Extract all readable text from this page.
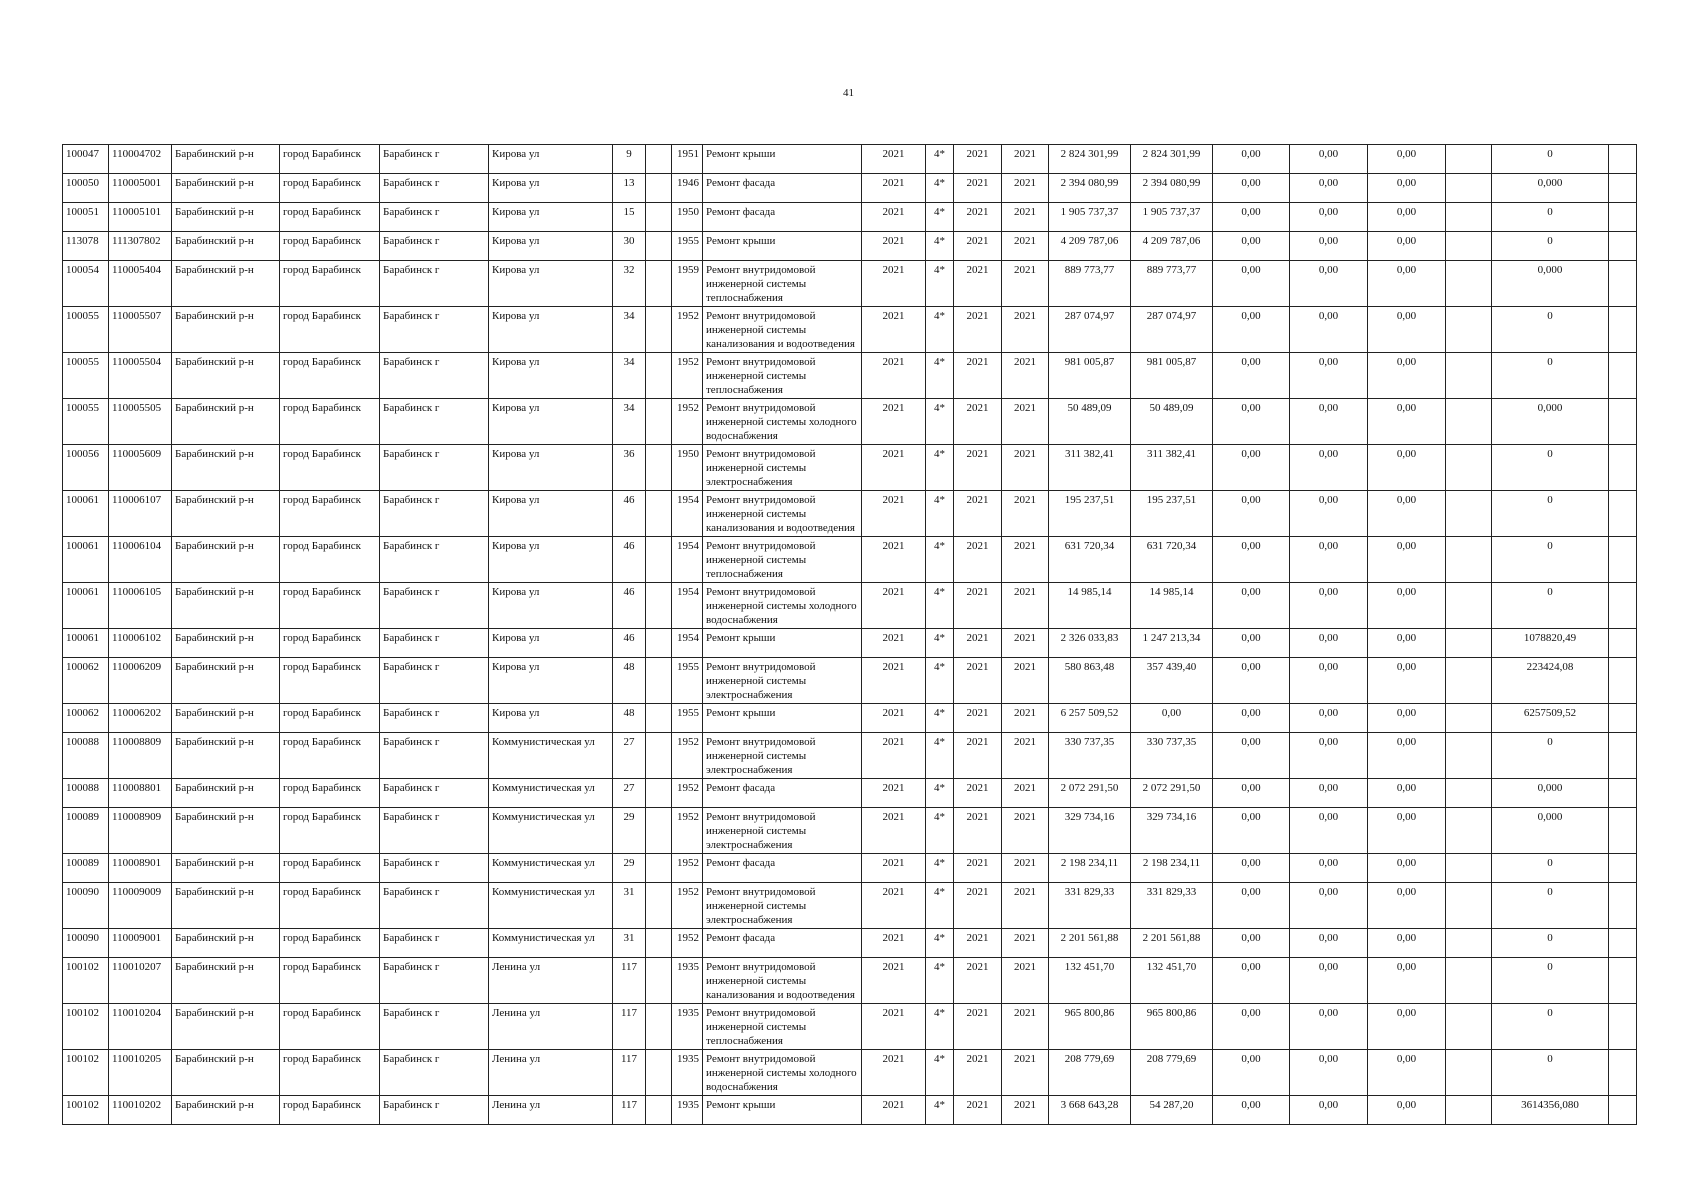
41
100047	110004702	Барабинский р-н	город Барабинск	Барабинск г	Кирова ул	9		1951	Ремонт крыши	2021	4*	2021	2021	2 824 301,99	2 824 301,99	0,00	0,00	0,00		0	
100050	110005001	Барабинский р-н	город Барабинск	Барабинск г	Кирова ул	13		1946	Ремонт фасада	2021	4*	2021	2021	2 394 080,99	2 394 080,99	0,00	0,00	0,00		0,000	
100051	110005101	Барабинский р-н	город Барабинск	Барабинск г	Кирова ул	15		1950	Ремонт фасада	2021	4*	2021	2021	1 905 737,37	1 905 737,37	0,00	0,00	0,00		0	
113078	111307802	Барабинский р-н	город Барабинск	Барабинск г	Кирова ул	30		1955	Ремонт крыши	2021	4*	2021	2021	4 209 787,06	4 209 787,06	0,00	0,00	0,00		0	
100054	110005404	Барабинский р-н	город Барабинск	Барабинск г	Кирова ул	32		1959	Ремонт внутридомовой инженерной системы теплоснабжения	2021	4*	2021	2021	889 773,77	889 773,77	0,00	0,00	0,00		0,000	
100055	110005507	Барабинский р-н	город Барабинск	Барабинск г	Кирова ул	34		1952	Ремонт внутридомовой инженерной системы канализования и водоотведения	2021	4*	2021	2021	287 074,97	287 074,97	0,00	0,00	0,00		0	
100055	110005504	Барабинский р-н	город Барабинск	Барабинск г	Кирова ул	34		1952	Ремонт внутридомовой инженерной системы теплоснабжения	2021	4*	2021	2021	981 005,87	981 005,87	0,00	0,00	0,00		0	
100055	110005505	Барабинский р-н	город Барабинск	Барабинск г	Кирова ул	34		1952	Ремонт внутридомовой инженерной системы холодного водоснабжения	2021	4*	2021	2021	50 489,09	50 489,09	0,00	0,00	0,00		0,000	
100056	110005609	Барабинский р-н	город Барабинск	Барабинск г	Кирова ул	36		1950	Ремонт внутридомовой инженерной системы электроснабжения	2021	4*	2021	2021	311 382,41	311 382,41	0,00	0,00	0,00		0	
100061	110006107	Барабинский р-н	город Барабинск	Барабинск г	Кирова ул	46		1954	Ремонт внутридомовой инженерной системы канализования и водоотведения	2021	4*	2021	2021	195 237,51	195 237,51	0,00	0,00	0,00		0	
100061	110006104	Барабинский р-н	город Барабинск	Барабинск г	Кирова ул	46		1954	Ремонт внутридомовой инженерной системы теплоснабжения	2021	4*	2021	2021	631 720,34	631 720,34	0,00	0,00	0,00		0	
100061	110006105	Барабинский р-н	город Барабинск	Барабинск г	Кирова ул	46		1954	Ремонт внутридомовой инженерной системы холодного водоснабжения	2021	4*	2021	2021	14 985,14	14 985,14	0,00	0,00	0,00		0	
100061	110006102	Барабинский р-н	город Барабинск	Барабинск г	Кирова ул	46		1954	Ремонт крыши	2021	4*	2021	2021	2 326 033,83	1 247 213,34	0,00	0,00	0,00		1078820,49	
100062	110006209	Барабинский р-н	город Барабинск	Барабинск г	Кирова ул	48		1955	Ремонт внутридомовой инженерной системы электроснабжения	2021	4*	2021	2021	580 863,48	357 439,40	0,00	0,00	0,00		223424,08	
100062	110006202	Барабинский р-н	город Барабинск	Барабинск г	Кирова ул	48		1955	Ремонт крыши	2021	4*	2021	2021	6 257 509,52	0,00	0,00	0,00	0,00		6257509,52	
100088	110008809	Барабинский р-н	город Барабинск	Барабинск г	Коммунистическая ул	27		1952	Ремонт внутридомовой инженерной системы электроснабжения	2021	4*	2021	2021	330 737,35	330 737,35	0,00	0,00	0,00		0	
100088	110008801	Барабинский р-н	город Барабинск	Барабинск г	Коммунистическая ул	27		1952	Ремонт фасада	2021	4*	2021	2021	2 072 291,50	2 072 291,50	0,00	0,00	0,00		0,000	
100089	110008909	Барабинский р-н	город Барабинск	Барабинск г	Коммунистическая ул	29		1952	Ремонт внутридомовой инженерной системы электроснабжения	2021	4*	2021	2021	329 734,16	329 734,16	0,00	0,00	0,00		0,000	
100089	110008901	Барабинский р-н	город Барабинск	Барабинск г	Коммунистическая ул	29		1952	Ремонт фасада	2021	4*	2021	2021	2 198 234,11	2 198 234,11	0,00	0,00	0,00		0	
100090	110009009	Барабинский р-н	город Барабинск	Барабинск г	Коммунистическая ул	31		1952	Ремонт внутридомовой инженерной системы электроснабжения	2021	4*	2021	2021	331 829,33	331 829,33	0,00	0,00	0,00		0	
100090	110009001	Барабинский р-н	город Барабинск	Барабинск г	Коммунистическая ул	31		1952	Ремонт фасада	2021	4*	2021	2021	2 201 561,88	2 201 561,88	0,00	0,00	0,00		0	
100102	110010207	Барабинский р-н	город Барабинск	Барабинск г	Ленина ул	117		1935	Ремонт внутридомовой инженерной системы канализования и водоотведения	2021	4*	2021	2021	132 451,70	132 451,70	0,00	0,00	0,00		0	
100102	110010204	Барабинский р-н	город Барабинск	Барабинск г	Ленина ул	117		1935	Ремонт внутридомовой инженерной системы теплоснабжения	2021	4*	2021	2021	965 800,86	965 800,86	0,00	0,00	0,00		0	
100102	110010205	Барабинский р-н	город Барабинск	Барабинск г	Ленина ул	117		1935	Ремонт внутридомовой инженерной системы холодного водоснабжения	2021	4*	2021	2021	208 779,69	208 779,69	0,00	0,00	0,00		0	
100102	110010202	Барабинский р-н	город Барабинск	Барабинск г	Ленина ул	117		1935	Ремонт крыши	2021	4*	2021	2021	3 668 643,28	54 287,20	0,00	0,00	0,00		3614356,080	
